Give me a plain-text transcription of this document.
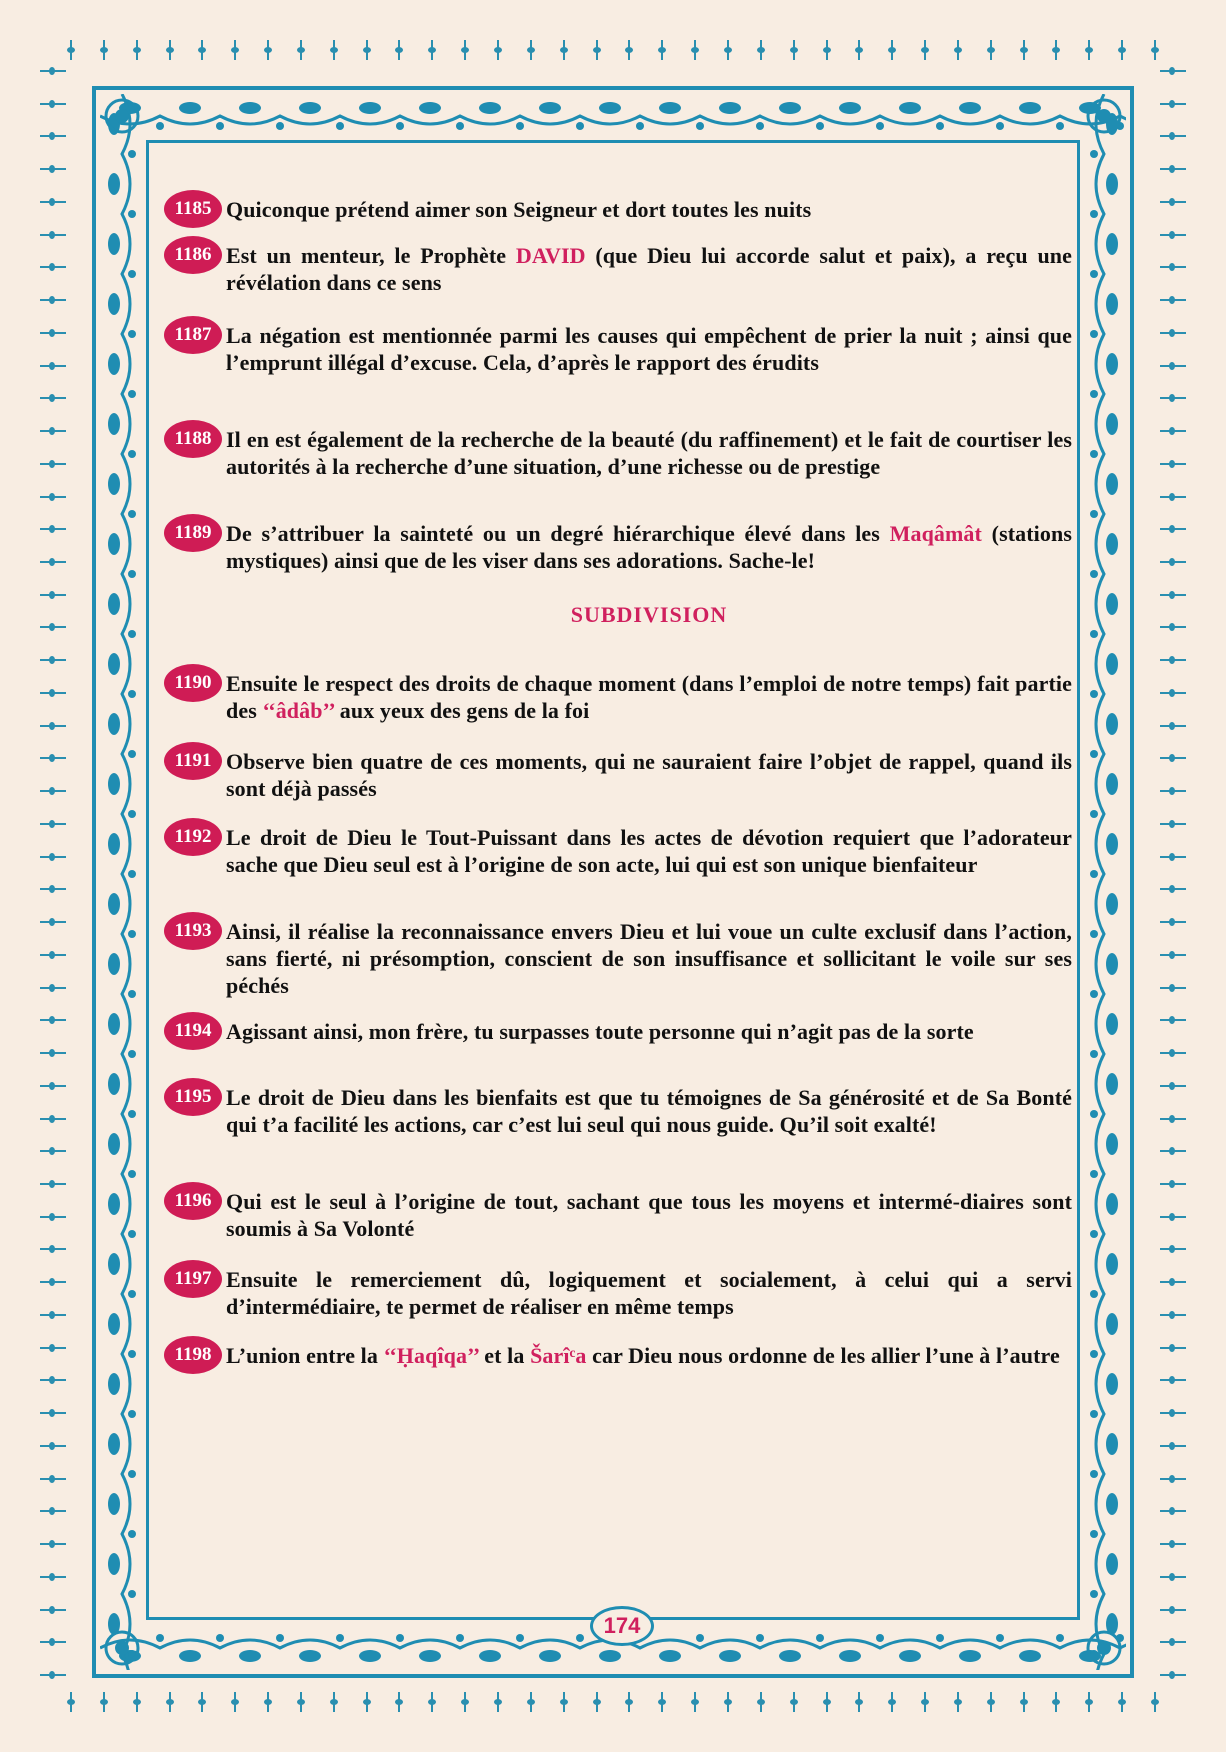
1185 Quiconque prétend aimer son Seigneur et dort toutes les nuits
1186 Est un menteur, le Prophète DAVID (que Dieu lui accorde salut et paix), a reçu une révélation dans ce sens
1187 La négation est mentionnée parmi les causes qui empêchent de prier la nuit ; ainsi que l’emprunt illégal d’excuse. Cela, d’après le rapport des érudits
1188 Il en est également de la recherche de la beauté (du raffinement) et le fait de courtiser les autorités à la recherche d’une situation, d’une richesse ou de prestige
1189 De s’attribuer la sainteté ou un degré hiérarchique élevé dans les Maqâmât (stations mystiques) ainsi que de les viser dans ses adorations. Sache-le!
1190 Ensuite le respect des droits de chaque moment (dans l’emploi de notre temps) fait partie des ‘‘âdâb’’ aux yeux des gens de la foi
1191 Observe bien quatre de ces moments, qui ne sauraient faire l’objet de rappel, quand ils sont déjà passés
1192 Le droit de Dieu le Tout-Puissant dans les actes de dévotion requiert que l’adorateur sache que Dieu seul est à l’origine de son acte, lui qui est son unique bienfaiteur
1193 Ainsi, il réalise la reconnaissance envers Dieu et lui voue un culte exclusif dans l’action, sans fierté, ni présomption, conscient de son insuffisance et sollicitant le voile sur ses péchés
1194 Agissant ainsi, mon frère, tu surpasses toute personne qui n’agit pas de la sorte
1195 Le droit de Dieu dans les bienfaits est que tu témoignes de Sa générosité et de Sa Bonté qui t’a facilité les actions, car c’est lui seul qui nous guide. Qu’il soit exalté!
1196 Qui est le seul à l’origine de tout, sachant que tous les moyens et intermé-diaires sont soumis à Sa Volonté
1197 Ensuite le remerciement dû, logiquement et socialement, à celui qui a servi d’intermédiaire, te permet de réaliser en même temps
1198 L’union entre la ‘‘Ḥaqîqa’’ et la Šarîᶜa car Dieu nous ordonne de les allier l’une à l’autre
SUBDIVISION
174
